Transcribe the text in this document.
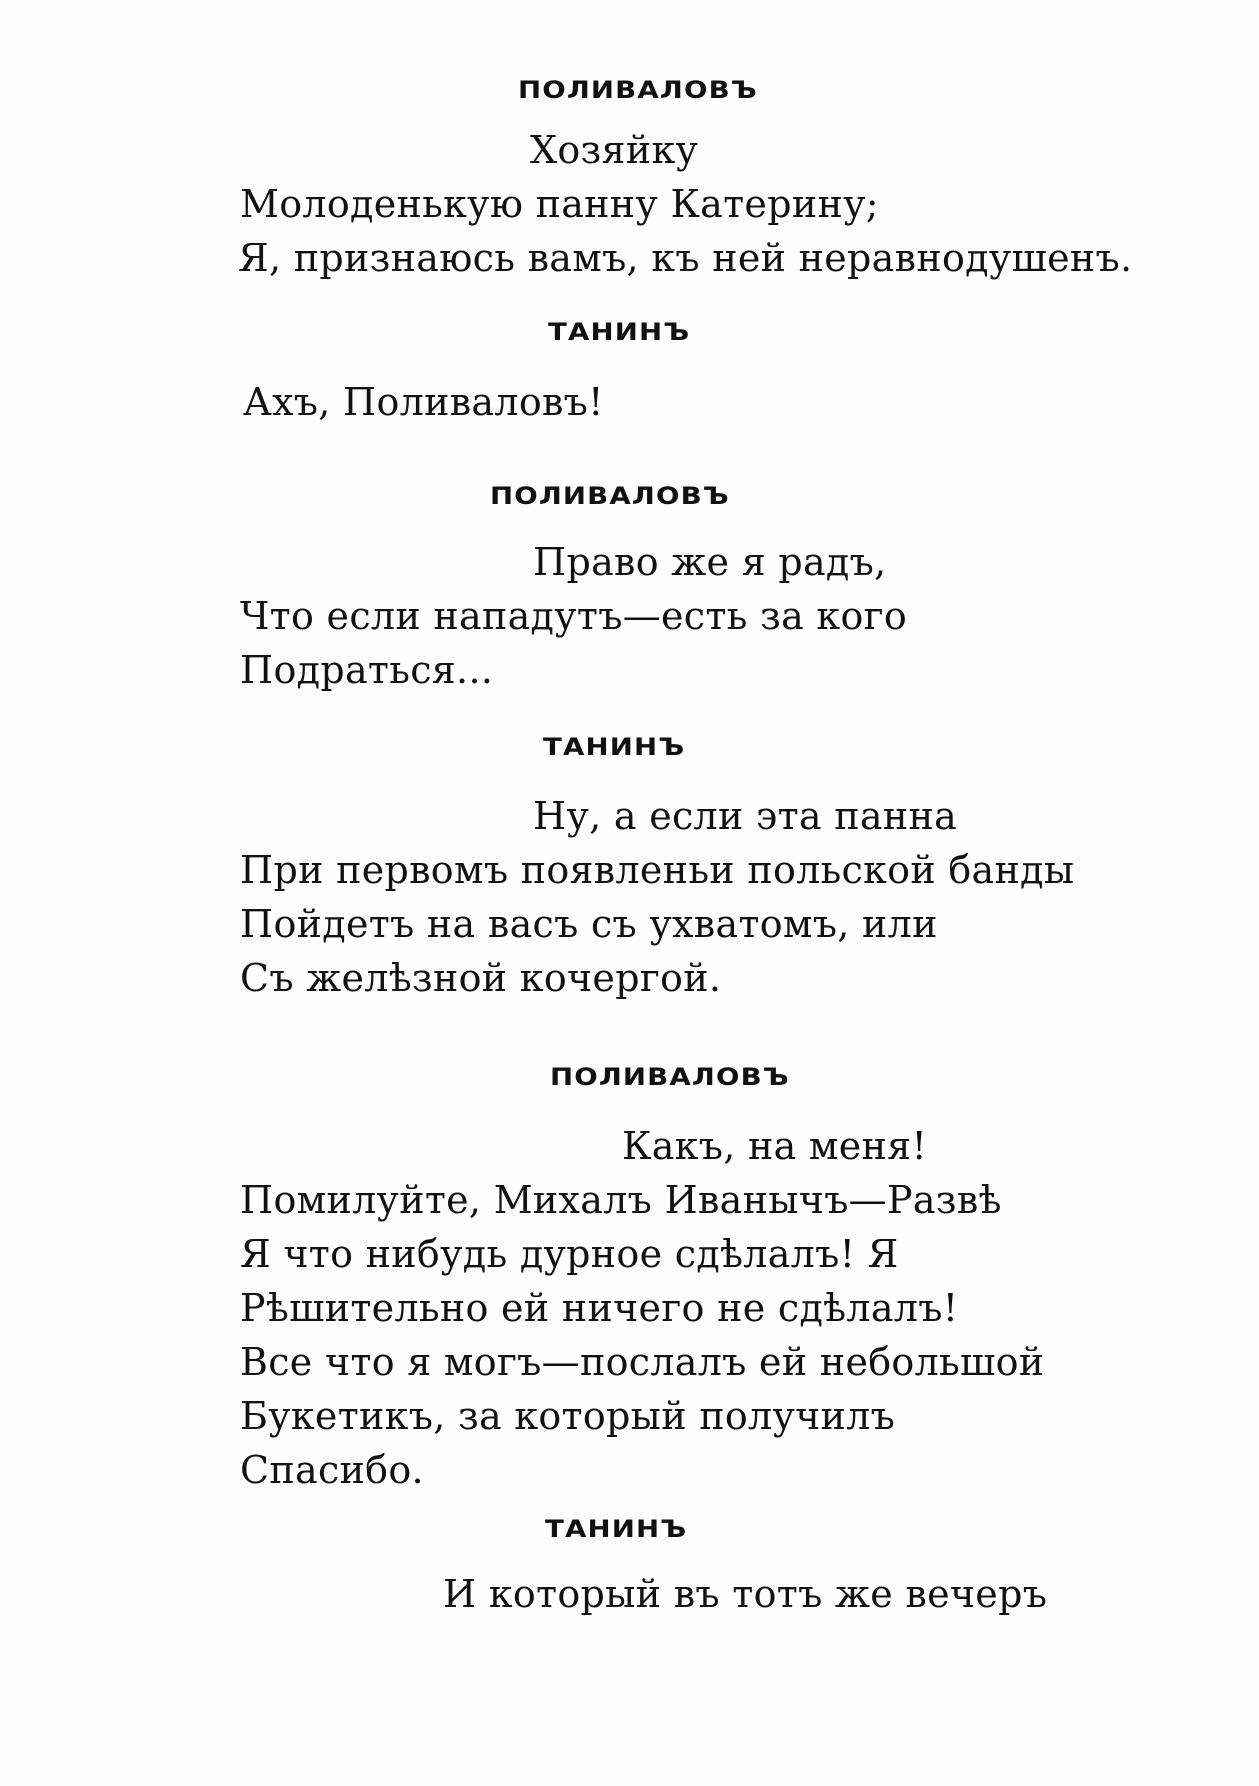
ПОЛИВАЛОВЪ
Хозяйку
Молоденькую панну Катерину;
Я, признаюсь вамъ, къ ней неравнодушенъ.
ТАНИНЪ
Ахъ, Поливаловъ!
ПОЛИВАЛОВЪ
Право же я радъ,
Что если нападутъ—есть за кого
Подраться...
ТАНИНЪ
Ну, а если эта панна
При первомъ появленьи польской банды
Пойдетъ на васъ съ ухватомъ, или
Съ желѣзной кочергой.
ПОЛИВАЛОВЪ
Какъ, на меня!
Помилуйте, Михалъ Иванычъ—Развѣ
Я что нибудь дурное сдѣлалъ! Я
Рѣшительно ей ничего не сдѣлалъ!
Все что я могъ—послалъ ей небольшой
Букетикъ, за который получилъ
Спасибо.
ТАНИНЪ
И который въ тотъ же вечеръ
